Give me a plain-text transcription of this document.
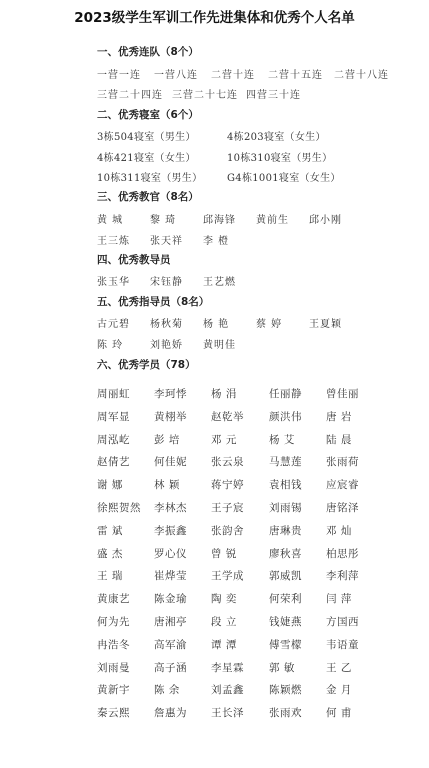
2023级学生军训工作先进集体和优秀个人名单
一、优秀连队（8个）
一营一连 一营八连 二营十连 二营十五连 二营十八连
三营二十四连 三营二十七连 四营三十连
二、优秀寝室（6个）
3栋504寝室（男生）	4栋203寝室（女生）
4栋421寝室（女生）	10栋310寝室（男生）
10栋311寝室（男生） G4栋1001寝室（女生）
三、优秀教官（8名）
黄 城	黎 琦	邱海锋 黄前生 邱小刚
王三炼 张天祥 李 橙
四、优秀教导员
张玉华 宋钰静 王艺燃
五、优秀指导员（8名）
古元碧 杨秋菊 杨 艳	蔡 婷	王夏颖
陈 玲	刘艳娇 黄明佳
六、优秀学员（78）
周丽虹	李珂悸	杨 涓	任丽静	曾佳丽
周军显	黄栩举	赵乾举	颜洪伟	唐 岩
周泓屹	彭 培	邓 元	杨 艾	陆 晨
赵倩艺	何佳妮	张云泉	马慧莲	张雨荷
谢 娜	林 颖	蒋宁婷	袁相钱	应宸睿
徐熙贺然	李林杰	王子宸	刘雨锡	唐铭泽
雷 斌	李振鑫	张韵舍	唐琳贵	邓 灿
盛 杰	罗心仪	曾 锐	廖秋喜	柏思彤
王 瑞	崔烨莹	王学成	郭威凯	李利萍
黄康艺	陈金瑜	陶 奕	何荣利	闫 萍
何为先	唐湘亭	段 立	钱婕燕	方国西
冉浩冬	高军渝	谭 潭	傅雪檬	韦语童
刘雨曼	高子涵	李星霖	郭 敏	王 乙
黄新宇	陈 余	刘孟鑫	陈颖燃	金 月
秦云熙	詹惠为	王长泽	张雨欢	何 甫
